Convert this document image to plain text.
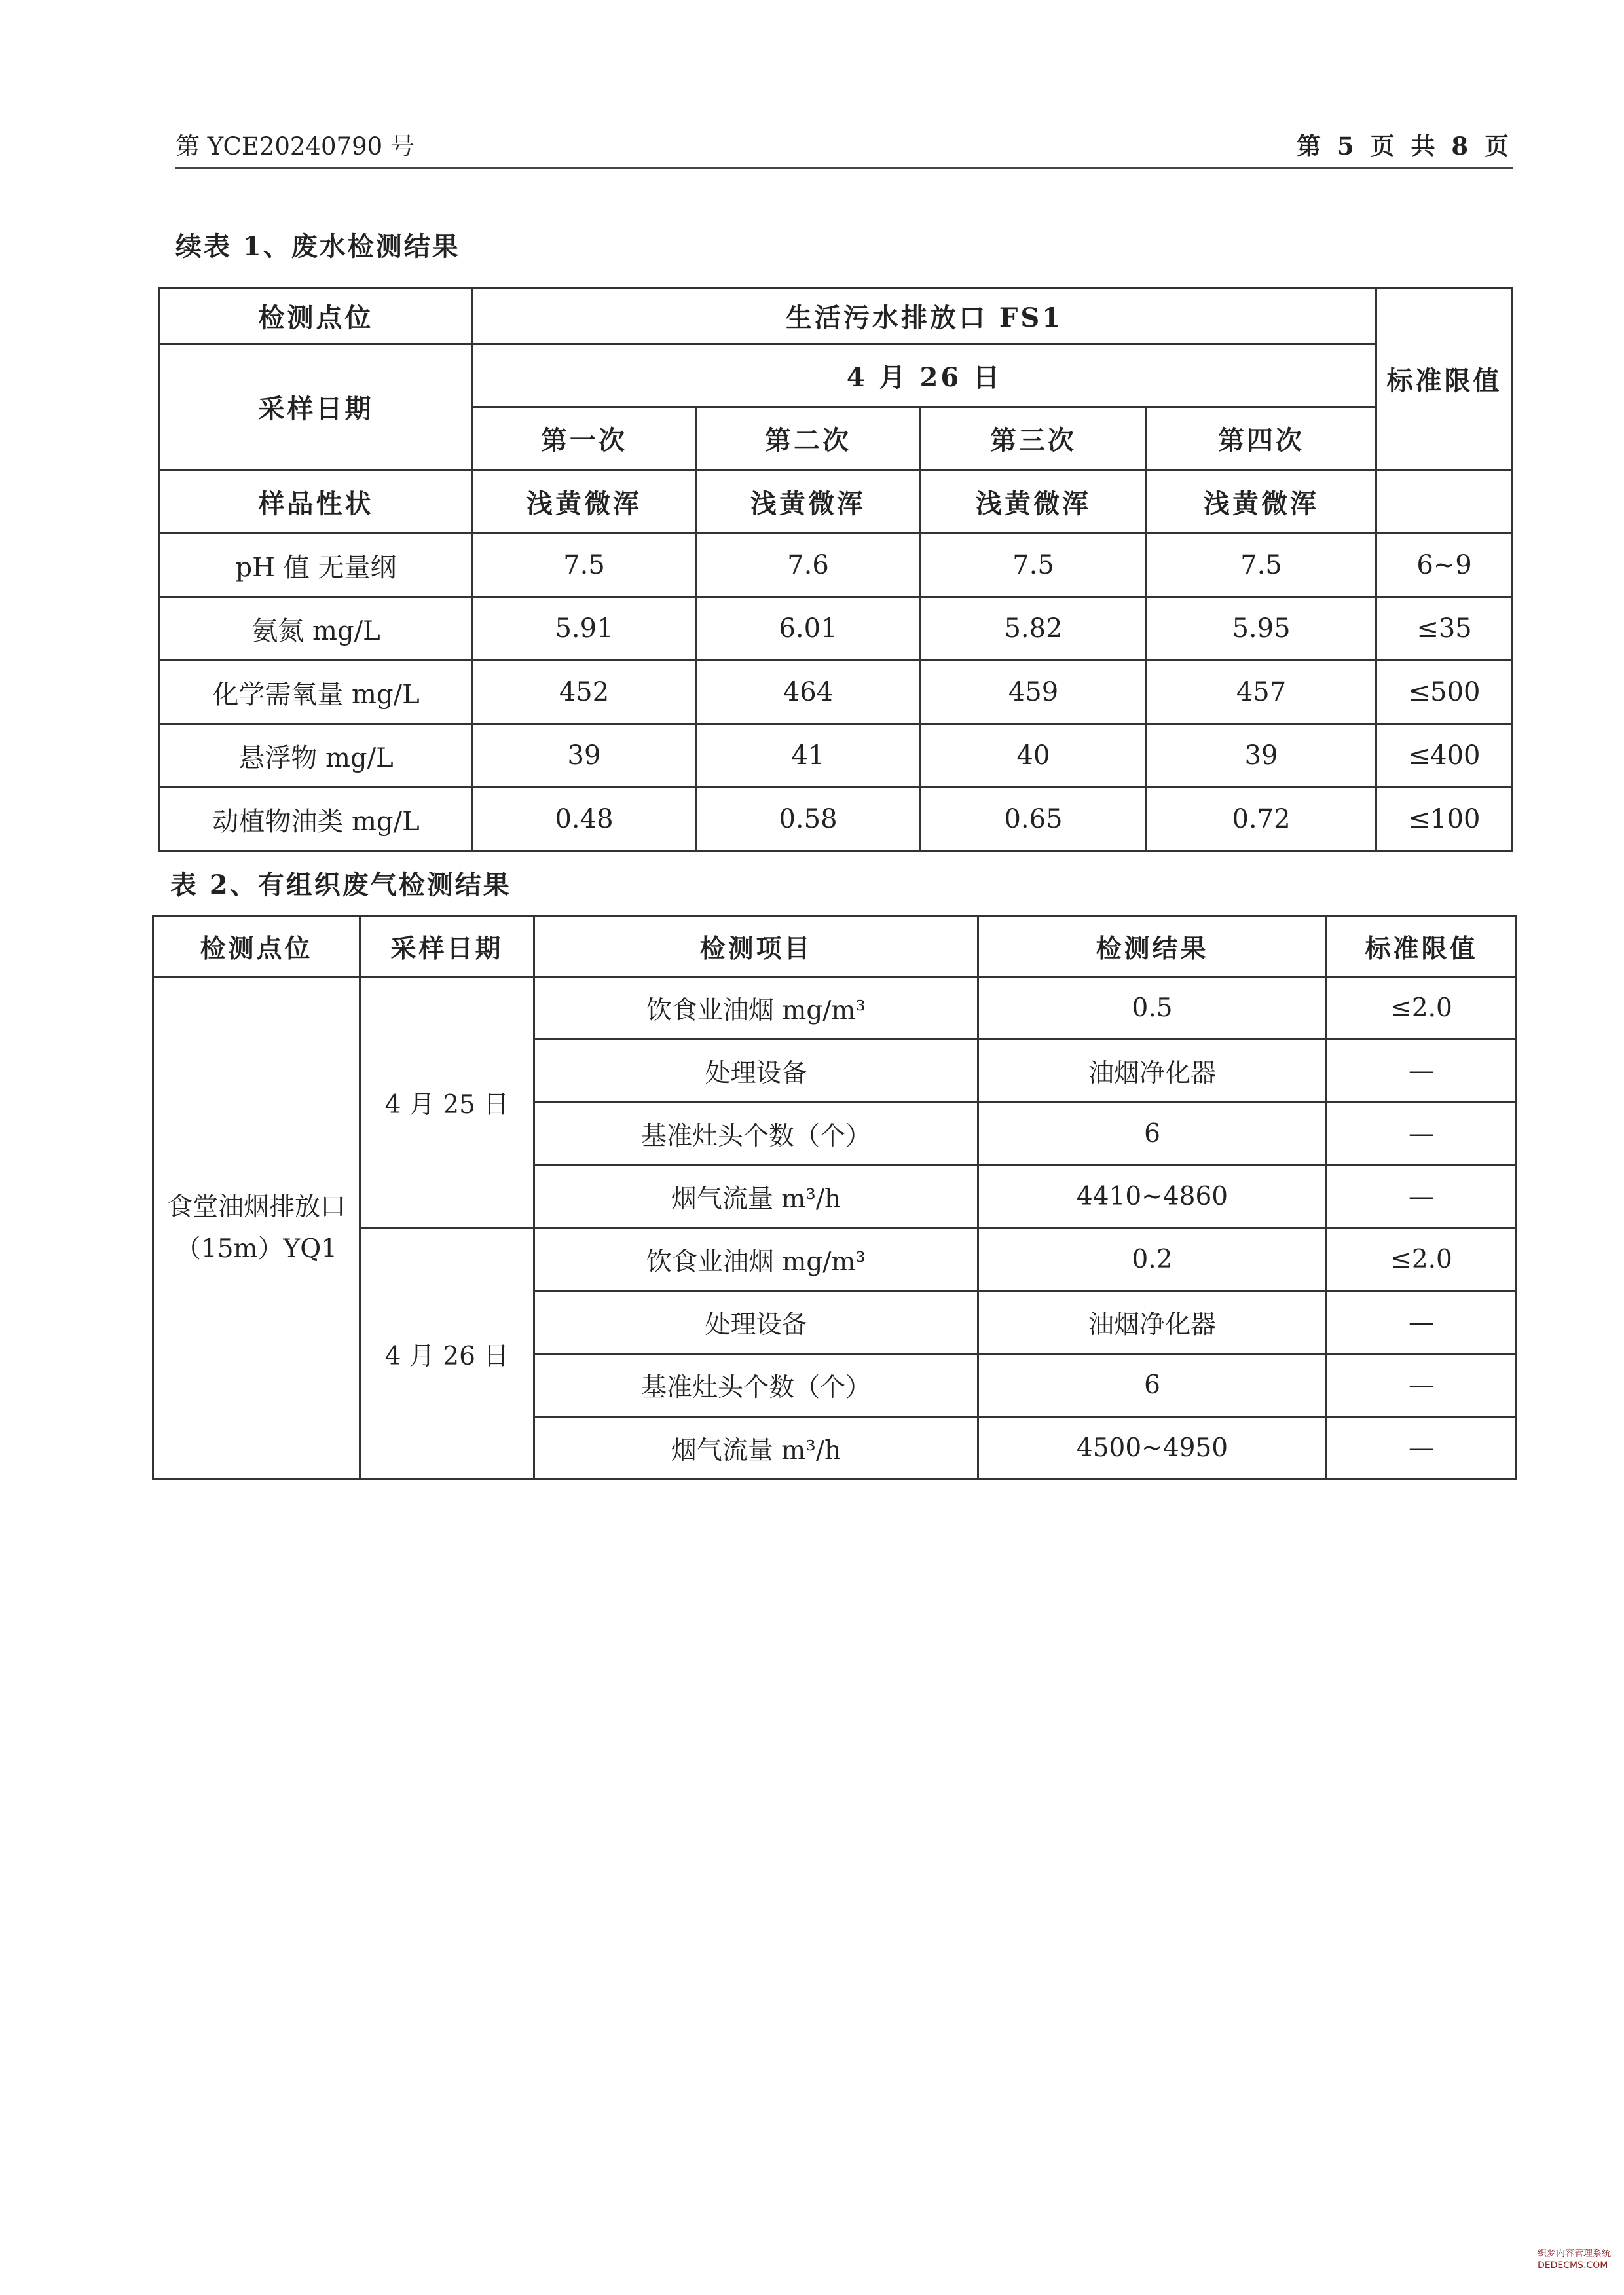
第 YCE20240790 号	第 5 页 共 8 页
续表 1、废水检测结果
检测点位	生活污水排放口 FS1				标准限值
采样日期	4 月 26 日				
	第一次	第二次	第三次	第四次	
样品性状	浅黄微浑	浅黄微浑	浅黄微浑	浅黄微浑	
pH 值 无量纲	7.5	7.6	7.5	7.5	6~9
氨氮 mg/L	5.91	6.01	5.82	5.95	≤35
化学需氧量 mg/L	452	464	459	457	≤500
悬浮物 mg/L	39	41	40	39	≤400
动植物油类 mg/L	0.48	0.58	0.65	0.72	≤100
表 2、有组织废气检测结果
检测点位	采样日期	检测项目	检测结果	标准限值
食堂油烟排放口（15m）YQ1	4 月 25 日	饮食业油烟 mg/m³	0.5	≤2.0
		处理设备	油烟净化器	—
		基准灶头个数（个）	6	—
		烟气流量 m³/h	4410~4860	—
	4 月 26 日	饮食业油烟 mg/m³	0.2	≤2.0
		处理设备	油烟净化器	—
		基准灶头个数（个）	6	—
		烟气流量 m³/h	4500~4950	—
织梦内容管理系统
DEDECMS.COM
